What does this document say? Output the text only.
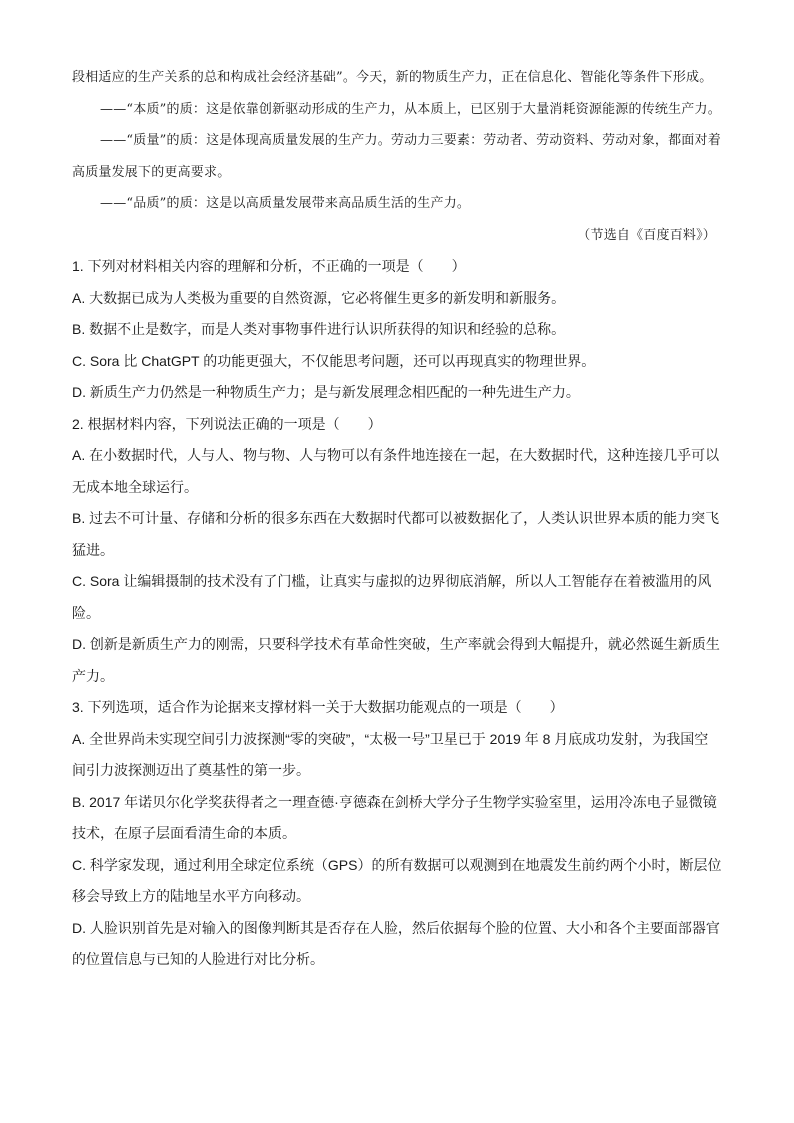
段相适应的生产关系的总和构成社会经济基础”。今天，新的物质生产力，正在信息化、智能化等条件下形成。

——“本质”的质：这是依靠创新驱动形成的生产力，从本质上，已区别于大量消耗资源能源的传统生产力。

——“质量”的质：这是体现高质量发展的生产力。劳动力三要素：劳动者、劳动资料、劳动对象，都面对着高质量发展下的更高要求。

——“品质”的质：这是以高质量发展带来高品质生活的生产力。

（节选自《百度百料》）

1. 下列对材料相关内容的理解和分析，不正确的一项是（　　）

A. 大数据已成为人类极为重要的自然资源，它必将催生更多的新发明和新服务。

B. 数据不止是数字，而是人类对事物事件进行认识所获得的知识和经验的总称。

C. Sora 比 ChatGPT 的功能更强大，不仅能思考问题，还可以再现真实的物理世界。

D. 新质生产力仍然是一种物质生产力；是与新发展理念相匹配的一种先进生产力。

2. 根据材料内容，下列说法正确的一项是（　　）

A. 在小数据时代，人与人、物与物、人与物可以有条件地连接在一起，在大数据时代，这种连接几乎可以无成本地全球运行。

B. 过去不可计量、存储和分析的很多东西在大数据时代都可以被数据化了，人类认识世界本质的能力突飞猛进。

C. Sora 让编辑摄制的技术没有了门槛，让真实与虚拟的边界彻底消解，所以人工智能存在着被滥用的风险。

D. 创新是新质生产力的刚需，只要科学技术有革命性突破，生产率就会得到大幅提升，就必然诞生新质生产力。

3. 下列选项，适合作为论据来支撑材料一关于大数据功能观点的一项是（　　）

A. 全世界尚未实现空间引力波探测“零的突破”，“太极一号”卫星已于 2019 年 8 月底成功发射，为我国空间引力波探测迈出了奠基性的第一步。

B. 2017 年诺贝尔化学奖获得者之一理查德·亨德森在剑桥大学分子生物学实验室里，运用冷冻电子显微镜技术，在原子层面看清生命的本质。

C. 科学家发现，通过利用全球定位系统（GPS）的所有数据可以观测到在地震发生前约两个小时，断层位移会导致上方的陆地呈水平方向移动。

D. 人脸识别首先是对输入的图像判断其是否存在人脸，然后依据每个脸的位置、大小和各个主要面部器官的位置信息与已知的人脸进行对比分析。
